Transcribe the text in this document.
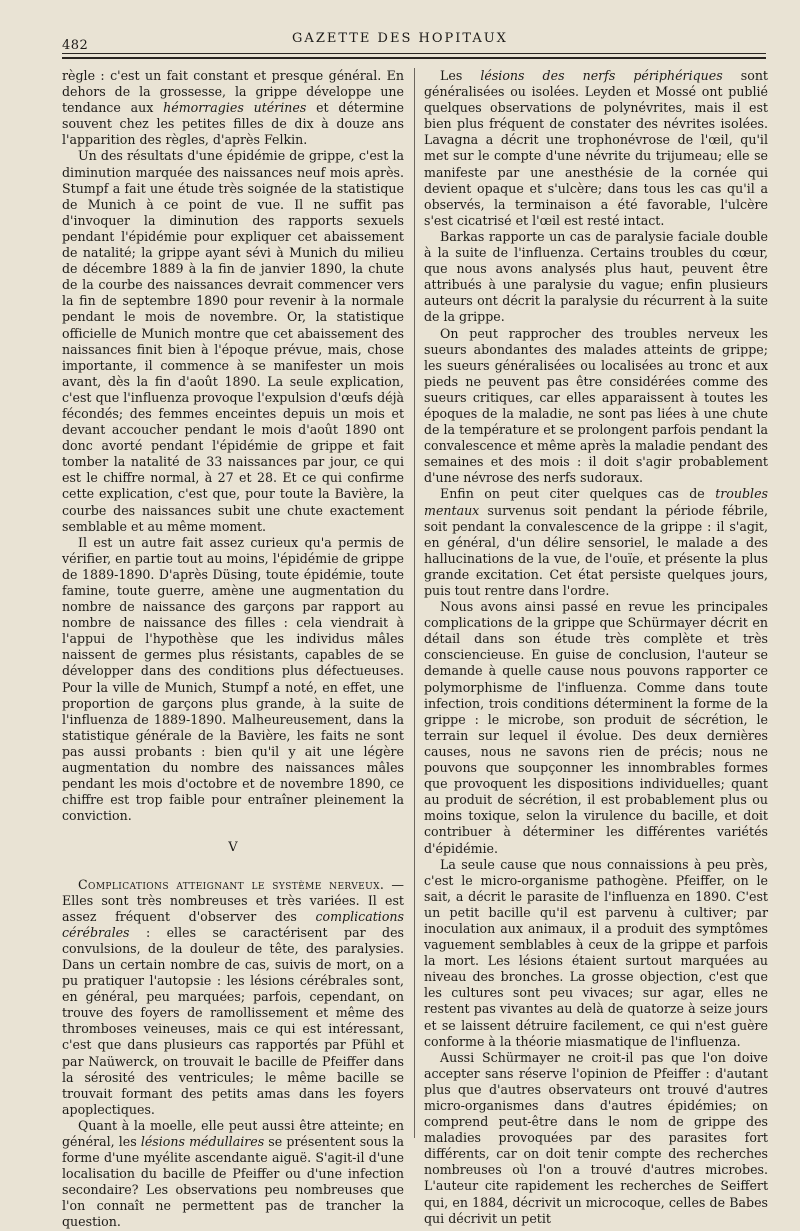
482	GAZETTE DES HOPITAUX

règle : c'est un fait constant et presque général. En dehors de la grossesse, la grippe développe une tendance aux hémorragies utérines et détermine souvent chez les petites filles de dix à douze ans l'apparition des règles, d'après Felkin.

Un des résultats d'une épidémie de grippe, c'est la diminution marquée des naissances neuf mois après. Stumpf a fait une étude très soignée de la statistique de Munich à ce point de vue. Il ne suffit pas d'invoquer la diminution des rapports sexuels pendant l'épidémie pour expliquer cet abaissement de natalité; la grippe ayant sévi à Munich du milieu de décembre 1889 à la fin de janvier 1890, la chute de la courbe des naissances devrait commencer vers la fin de septembre 1890 pour revenir à la normale pendant le mois de novembre. Or, la statistique officielle de Munich montre que cet abaissement des naissances finit bien à l'époque prévue, mais, chose importante, il commence à se manifester un mois avant, dès la fin d'août 1890. La seule explication, c'est que l'influenza provoque l'expulsion d'œufs déjà fécondés; des femmes enceintes depuis un mois et devant accoucher pendant le mois d'août 1890 ont donc avorté pendant l'épidémie de grippe et fait tomber la natalité de 33 naissances par jour, ce qui est le chiffre normal, à 27 et 28. Et ce qui confirme cette explication, c'est que, pour toute la Bavière, la courbe des naissances subit une chute exactement semblable et au même moment.

Il est un autre fait assez curieux qu'a permis de vérifier, en partie tout au moins, l'épidémie de grippe de 1889-1890. D'après Düsing, toute épidémie, toute famine, toute guerre, amène une augmentation du nombre de naissance des garçons par rapport au nombre de naissance des filles : cela viendrait à l'appui de l'hypothèse que les individus mâles naissent de germes plus résistants, capables de se développer dans des conditions plus défectueuses. Pour la ville de Munich, Stumpf a noté, en effet, une proportion de garçons plus grande, à la suite de l'influenza de 1889-1890. Malheureusement, dans la statistique générale de la Bavière, les faits ne sont pas aussi probants : bien qu'il y ait une légère augmentation du nombre des naissances mâles pendant les mois d'octobre et de novembre 1890, ce chiffre est trop faible pour entraîner pleinement la conviction.

V

Complications atteignant le système nerveux. — Elles sont très nombreuses et très variées. Il est assez fréquent d'observer des complications cérébrales : elles se caractérisent par des convulsions, de la douleur de tête, des paralysies. Dans un certain nombre de cas, suivis de mort, on a pu pratiquer l'autopsie : les lésions cérébrales sont, en général, peu marquées; parfois, cependant, on trouve des foyers de ramollissement et même des thromboses veineuses, mais ce qui est intéressant, c'est que dans plusieurs cas rapportés par Pfühl et par Naüwerck, on trouvait le bacille de Pfeiffer dans la sérosité des ventricules; le même bacille se trouvait formant des petits amas dans les foyers apoplectiques.

Quant à la moelle, elle peut aussi être atteinte; en général, les lésions médullaires se présentent sous la forme d'une myélite ascendante aiguë. S'agit-il d'une localisation du bacille de Pfeiffer ou d'une infection secondaire? Les observations peu nombreuses que l'on connaît ne permettent pas de trancher la question.

Les lésions des nerfs périphériques sont généralisées ou isolées. Leyden et Mossé ont publié quelques observations de polynévrites, mais il est bien plus fréquent de constater des névrites isolées. Lavagna a décrit une trophonévrose de l'œil, qu'il met sur le compte d'une névrite du trijumeau; elle se manifeste par une anesthésie de la cornée qui devient opaque et s'ulcère; dans tous les cas qu'il a observés, la terminaison a été favorable, l'ulcère s'est cicatrisé et l'œil est resté intact.

Barkas rapporte un cas de paralysie faciale double à la suite de l'influenza. Certains troubles du cœur, que nous avons analysés plus haut, peuvent être attribués à une paralysie du vague; enfin plusieurs auteurs ont décrit la paralysie du récurrent à la suite de la grippe.

On peut rapprocher des troubles nerveux les sueurs abondantes des malades atteints de grippe; les sueurs généralisées ou localisées au tronc et aux pieds ne peuvent pas être considérées comme des sueurs critiques, car elles apparaissent à toutes les époques de la maladie, ne sont pas liées à une chute de la température et se prolongent parfois pendant la convalescence et même après la maladie pendant des semaines et des mois : il doit s'agir probablement d'une névrose des nerfs sudoraux.

Enfin on peut citer quelques cas de troubles mentaux survenus soit pendant la période fébrile, soit pendant la convalescence de la grippe : il s'agit, en général, d'un délire sensoriel, le malade a des hallucinations de la vue, de l'ouïe, et présente la plus grande excitation. Cet état persiste quelques jours, puis tout rentre dans l'ordre.

Nous avons ainsi passé en revue les principales complications de la grippe que Schürmayer décrit en détail dans son étude très complète et très consciencieuse. En guise de conclusion, l'auteur se demande à quelle cause nous pouvons rapporter ce polymorphisme de l'influenza. Comme dans toute infection, trois conditions déterminent la forme de la grippe : le microbe, son produit de sécrétion, le terrain sur lequel il évolue. Des deux dernières causes, nous ne savons rien de précis; nous ne pouvons que soupçonner les innombrables formes que provoquent les dispositions individuelles; quant au produit de sécrétion, il est probablement plus ou moins toxique, selon la virulence du bacille, et doit contribuer à déterminer les différentes variétés d'épidémie.

La seule cause que nous connaissions à peu près, c'est le micro-organisme pathogène. Pfeiffer, on le sait, a décrit le parasite de l'influenza en 1890. C'est un petit bacille qu'il est parvenu à cultiver; par inoculation aux animaux, il a produit des symptômes vaguement semblables à ceux de la grippe et parfois la mort. Les lésions étaient surtout marquées au niveau des bronches. La grosse objection, c'est que les cultures sont peu vivaces; sur agar, elles ne restent pas vivantes au delà de quatorze à seize jours et se laissent détruire facilement, ce qui n'est guère conforme à la théorie miasmatique de l'influenza.

Aussi Schürmayer ne croit-il pas que l'on doive accepter sans réserve l'opinion de Pfeiffer : d'autant plus que d'autres observateurs ont trouvé d'autres micro-organismes dans d'autres épidémies; on comprend peut-être dans le nom de grippe des maladies provoquées par des parasites fort différents, car on doit tenir compte des recherches nombreuses où l'on a trouvé d'autres microbes. L'auteur cite rapidement les recherches de Seiffert qui, en 1884, décrivit un microcoque, celles de Babes qui décrivit un petit
